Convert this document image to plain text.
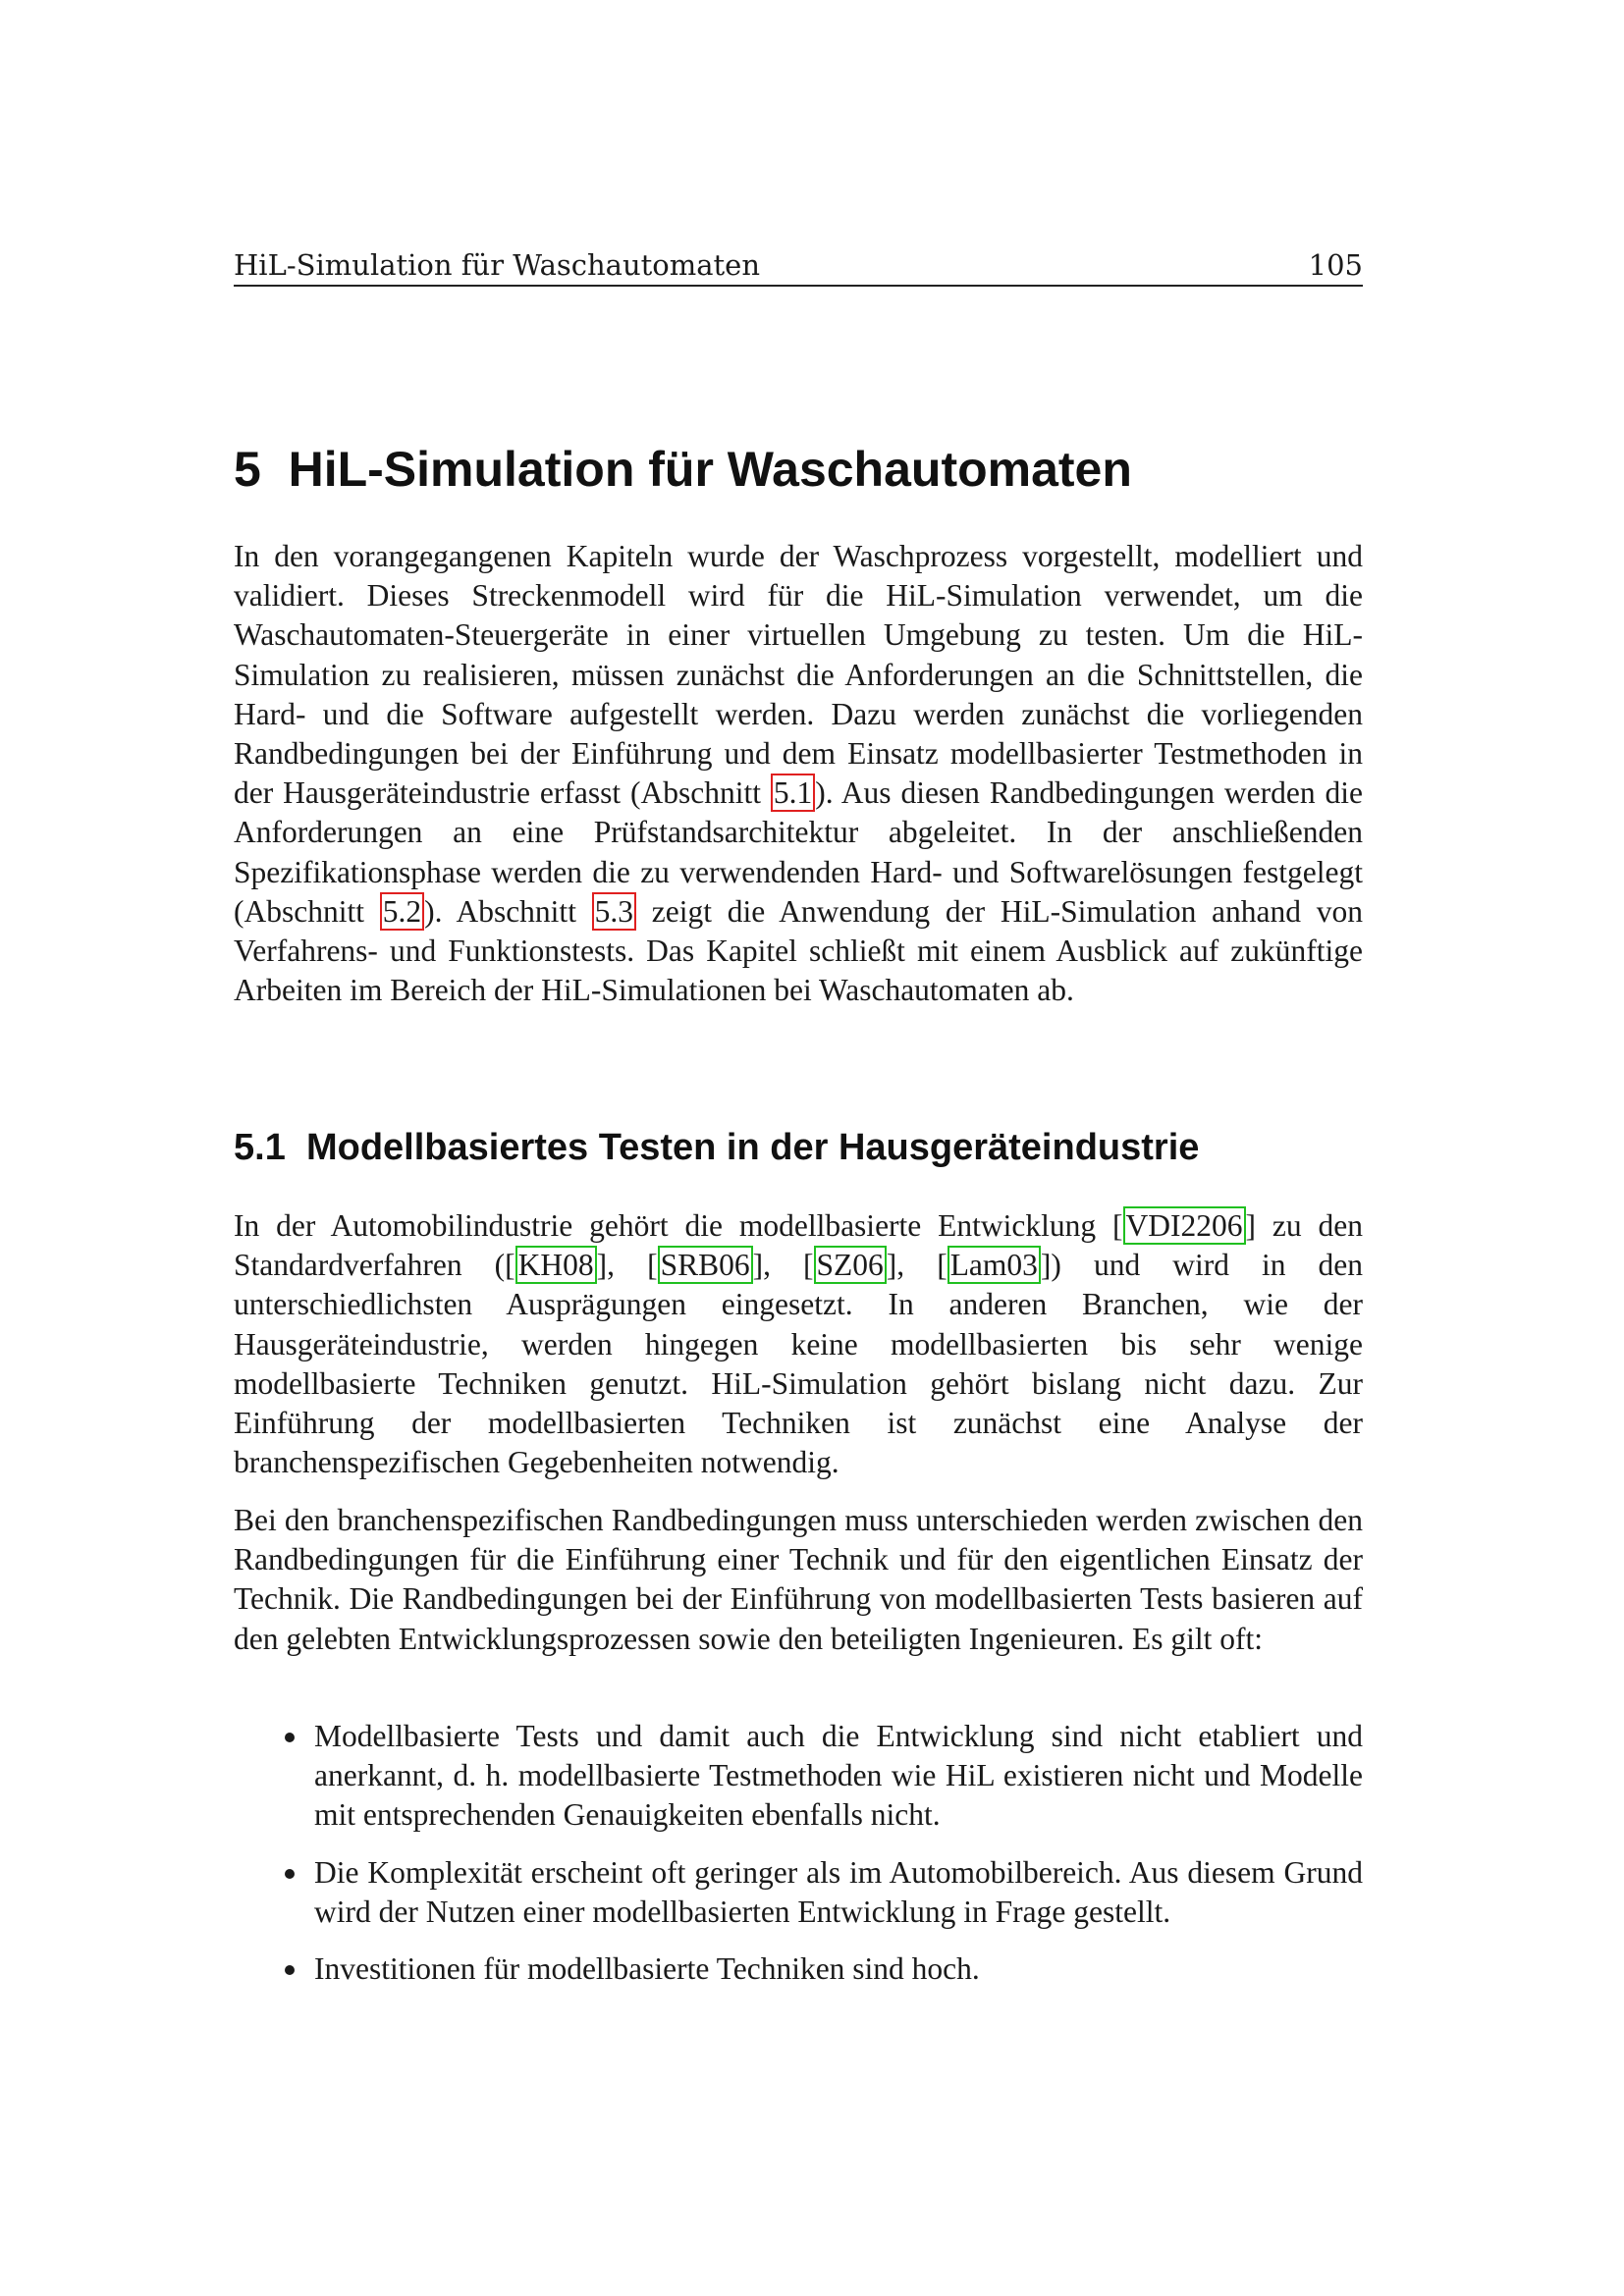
HiL-Simulation für Waschautomaten	105
5 HiL-Simulation für Waschautomaten

In den vorangegangenen Kapiteln wurde der Waschprozess vorgestellt, modelliert und validiert. Dieses Streckenmodell wird für die HiL-Simulation verwendet, um die Waschautomaten-Steuergeräte in einer virtuellen Umgebung zu testen. Um die HiL-Simulation zu realisieren, müssen zunächst die Anforderungen an die Schnittstellen, die Hard- und die Software aufgestellt werden. Dazu werden zunächst die vorliegenden Randbedingungen bei der Einführung und dem Einsatz modellbasierter Testmethoden in der Hausgeräteindustrie erfasst (Abschnitt 5.1). Aus diesen Randbedingungen werden die Anforderungen an eine Prüfstandsarchitektur abgeleitet. In der anschließenden Spezifikationsphase werden die zu verwendenden Hard- und Softwarelösungen festgelegt (Abschnitt 5.2). Abschnitt 5.3 zeigt die Anwendung der HiL-Simulation anhand von Verfahrens- und Funktionstests. Das Kapitel schließt mit einem Ausblick auf zukünftige Arbeiten im Bereich der HiL-Simulationen bei Waschautomaten ab.

5.1 Modellbasiertes Testen in der Hausgeräteindustrie

In der Automobilindustrie gehört die modellbasierte Entwicklung [VDI2206] zu den Standardverfahren ([KH08], [SRB06], [SZ06], [Lam03]) und wird in den unterschiedlichsten Ausprägungen eingesetzt. In anderen Branchen, wie der Hausgeräteindustrie, werden hingegen keine modellbasierten bis sehr wenige modellbasierte Techniken genutzt. HiL-Simulation gehört bislang nicht dazu. Zur Einführung der modellbasierten Techniken ist zunächst eine Analyse der branchenspezifischen Gegebenheiten notwendig.

Bei den branchenspezifischen Randbedingungen muss unterschieden werden zwischen den Randbedingungen für die Einführung einer Technik und für den eigentlichen Einsatz der Technik. Die Randbedingungen bei der Einführung von modellbasierten Tests basieren auf den gelebten Entwicklungsprozessen sowie den beteiligten Ingenieuren. Es gilt oft:

Modellbasierte Tests und damit auch die Entwicklung sind nicht etabliert und anerkannt, d. h. modellbasierte Testmethoden wie HiL existieren nicht und Modelle mit entsprechenden Genauigkeiten ebenfalls nicht.
Die Komplexität erscheint oft geringer als im Automobilbereich. Aus diesem Grund wird der Nutzen einer modellbasierten Entwicklung in Frage gestellt.
Investitionen für modellbasierte Techniken sind hoch.
